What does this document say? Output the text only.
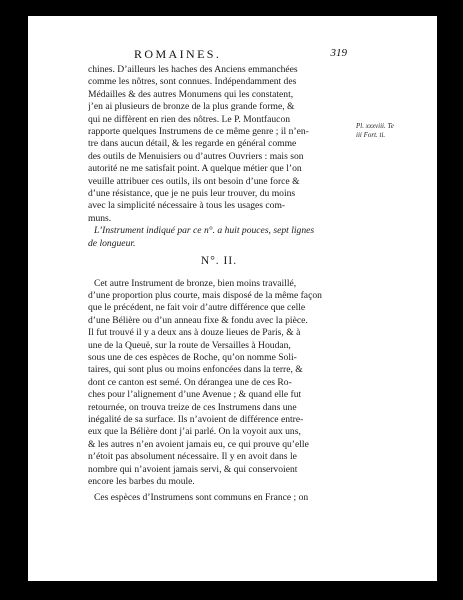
ROMAINES.	319
Pl. xxxviii. Te
iii Fort. ti.

chines. D’ailleurs les haches des Anciens emmanchées
comme les nôtres, sont connues. Indépendamment des
Médailles & des autres Monumens qui les constatent,
j’en ai plusieurs de bronze de la plus grande forme, &
qui ne diffèrent en rien des nôtres. Le P. Montfaucon
rapporte quelques Instrumens de ce même genre ; il n’en-
tre dans aucun détail, & les regarde en général comme
des outils de Menuisiers ou d’autres Ouvriers : mais son
autorité ne me satisfait point. A quelque métier que l’on
veuille attribuer ces outils, ils ont besoin d’une force &
d’une résistance, que je ne puis leur trouver, du moins
avec la simplicité nécessaire à tous les usages com-
muns.

L’Instrument indiqué par ce n°. a huit pouces, sept lignes
de longueur.

N°. II.

Cet autre Instrument de bronze, bien moins travaillé,
d’une proportion plus courte, mais disposé de la même façon
que le précédent, ne fait voir d’autre différence que celle
d’une Bélière ou d’un anneau fixe & fondu avec la pièce.
Il fut trouvé il y a deux ans à douze lieues de Paris, & à
une de la Queuë, sur la route de Versailles à Houdan,
sous une de ces espèces de Roche, qu’on nomme Soli-
taires, qui sont plus ou moins enfoncées dans la terre, &
dont ce canton est semé. On dérangea une de ces Ro-
ches pour l’alignement d’une Avenue ; & quand elle fut
retournée, on trouva treize de ces Instrumens dans une
inégalité de sa surface. Ils n’avoient de différence entre-
eux que la Bélière dont j’ai parlé. On la voyoit aux uns,
& les autres n’en avoient jamais eu, ce qui prouve qu’elle
n’étoit pas absolument nécessaire. Il y en avoit dans le
nombre qui n’avoient jamais servi, & qui conservoient
encore les barbes du moule.

Ces espèces d’Instrumens sont communs en France ; on
